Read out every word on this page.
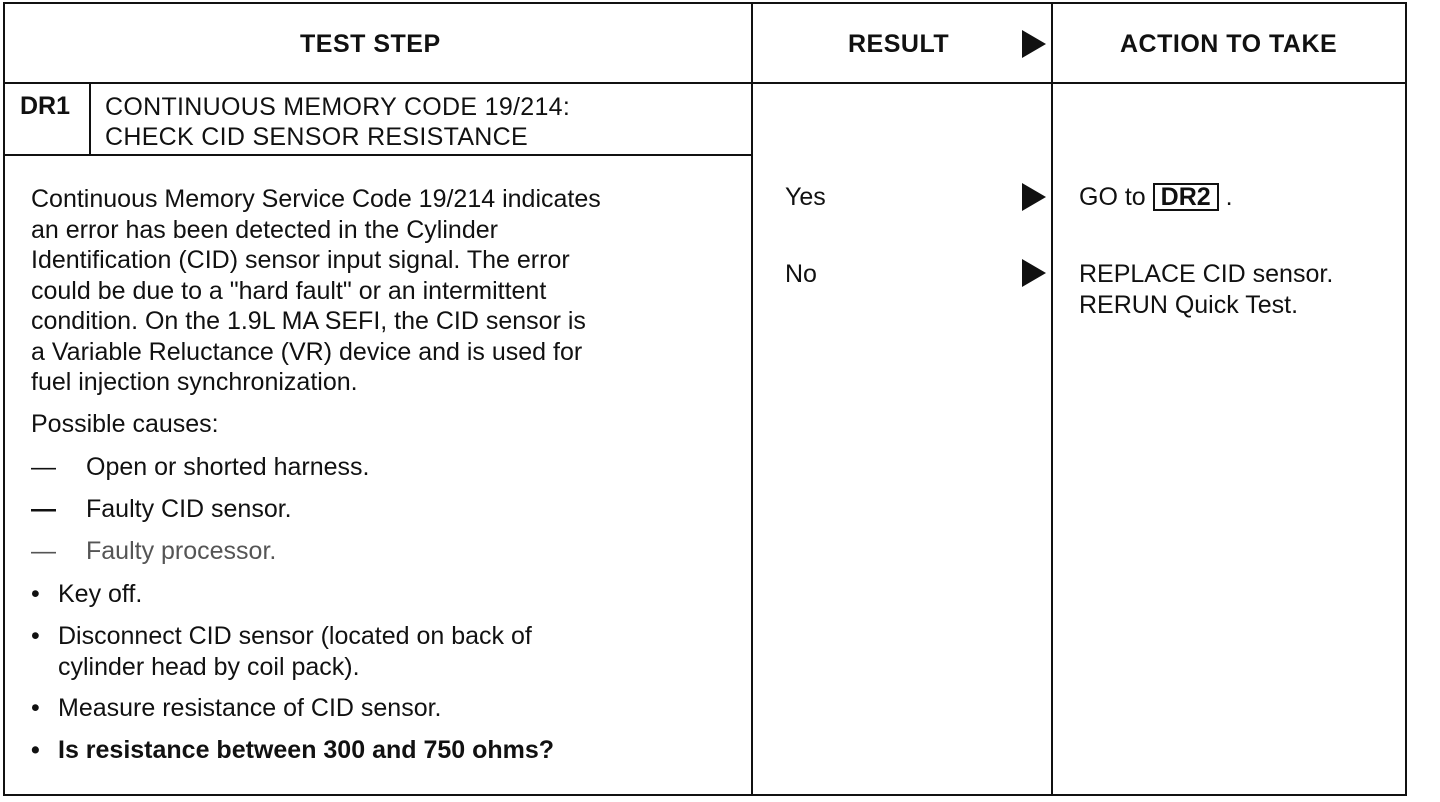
TEST STEP	RESULT	ACTION TO TAKE
DR1 CONTINUOUS MEMORY CODE 19/214:
CHECK CID SENSOR RESISTANCE
Continuous Memory Service Code 19/214 indicates
an error has been detected in the Cylinder
Identification (CID) sensor input signal. The error
could be due to a "hard fault" or an intermittent
condition. On the 1.9L MA SEFI, the CID sensor is
a Variable Reluctance (VR) device and is used for
fuel injection synchronization.
Possible causes:
— Open or shorted harness.
— Faulty CID sensor.
— Faulty processor.
• Key off.
• Disconnect CID sensor (located on back of
cylinder head by coil pack).
• Measure resistance of CID sensor.
• Is resistance between 300 and 750 ohms?
Yes
No
GO to DR2 .
REPLACE CID sensor.
RERUN Quick Test.
